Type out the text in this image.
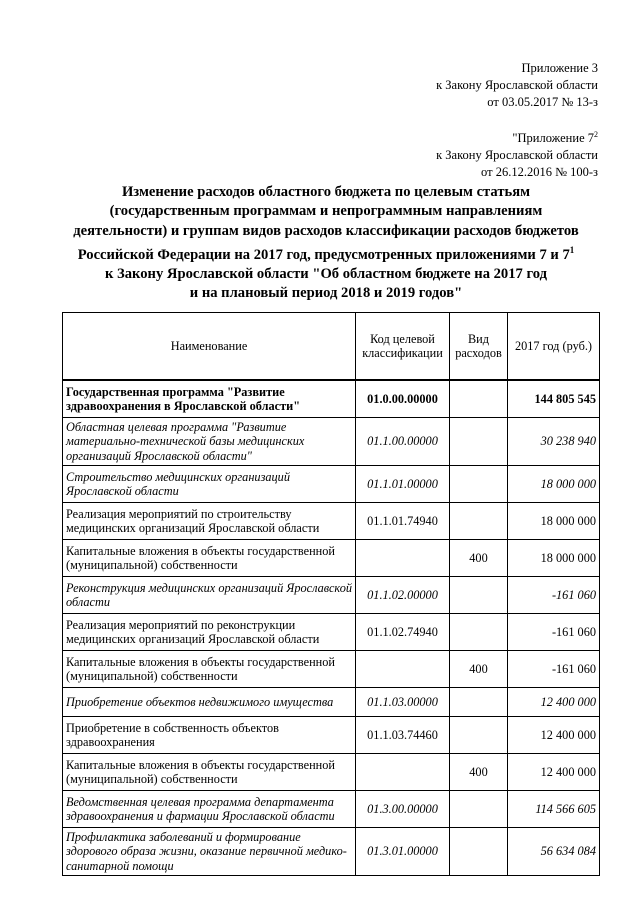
Приложение 3
к Закону Ярославской области
от 03.05.2017 № 13-з
"Приложение $7^2$
к Закону Ярославской области
от 26.12.2016 № 100-з
Изменение расходов областного бюджета по целевым статьям
(государственным программам и непрограммным направлениям
деятельности) и группам видов расходов классификации расходов бюджетов
Российской Федерации на 2017 год, предусмотренных приложениями 7 и $7^1$
к Закону Ярославской области "Об областном бюджете на 2017 год
и на плановый период 2018 и 2019 годов"
Наименование	Код целевой классификации	Вид расходов	2017 год (руб.)
Государственная программа "Развитие здравоохранения в Ярославской области"	01.0.00.00000		144 805 545
Областная целевая программа "Развитие материально-технической базы медицинских организаций Ярославской области"	01.1.00.00000		30 238 940
Строительство медицинских организаций Ярославской области	01.1.01.00000		18 000 000
Реализация мероприятий по строительству медицинских организаций Ярославской области	01.1.01.74940		18 000 000
Капитальные вложения в объекты государственной (муниципальной) собственности		400	18 000 000
Реконструкция медицинских организаций Ярославской области	01.1.02.00000		-161 060
Реализация мероприятий по реконструкции медицинских организаций Ярославской области	01.1.02.74940		-161 060
Капитальные вложения в объекты государственной (муниципальной) собственности		400	-161 060
Приобретение объектов недвижимого имущества	01.1.03.00000		12 400 000
Приобретение в собственность объектов здравоохранения	01.1.03.74460		12 400 000
Капитальные вложения в объекты государственной (муниципальной) собственности		400	12 400 000
Ведомственная целевая программа департамента здравоохранения и фармации Ярославской области	01.3.00.00000		114 566 605
Профилактика заболеваний и формирование здорового образа жизни, оказание первичной медико-санитарной помощи	01.3.01.00000		56 634 084
